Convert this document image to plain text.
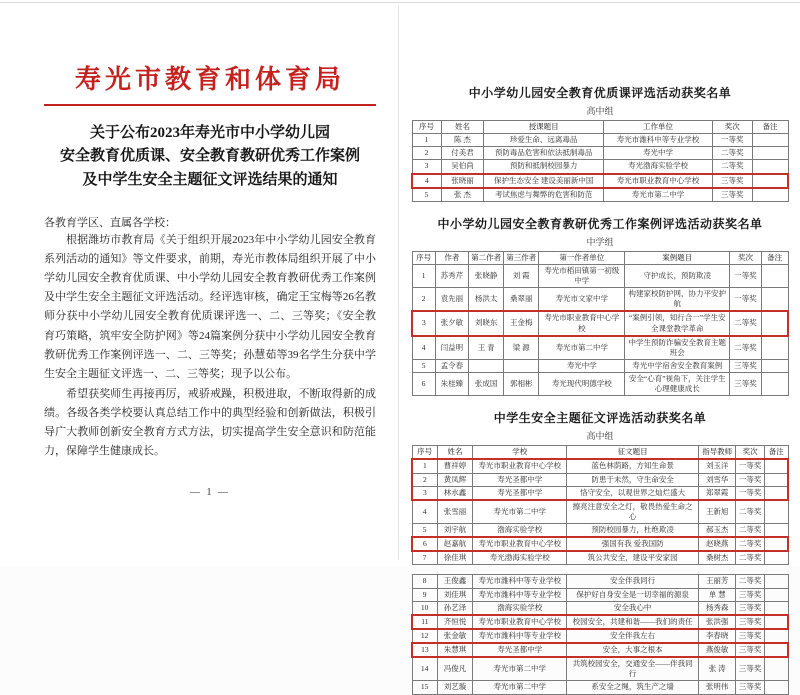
寿光市教育和体育局
关于公布2023年寿光市中小学幼儿园
安全教育优质课、安全教育教研优秀工作案例
及中学生安全主题征文评选结果的通知
各教育学区、直属各学校：

根据潍坊市教育局《关于组织开展2023年中小学幼儿园安全教育系列活动的通知》等文件要求，前期，寿光市教体局组织开展了中小学幼儿园安全教育优质课、中小学幼儿园安全教育教研优秀工作案例及中学生安全主题征文评选活动。经评选审核，确定王宝梅等26名教师分获中小学幼儿园安全教育优质课评选一、二、三等奖；《安全教育巧策略，筑牢安全防护网》等24篇案例分获中小学幼儿园安全教育教研优秀工作案例评选一、二、三等奖；孙慧茹等39名学生分获中学生安全主题征文评选一、二、三等奖；现予以公布。

希望获奖师生再接再厉，戒骄戒躁，积极进取，不断取得新的成绩。各级各类学校要认真总结工作中的典型经验和创新做法，积极引导广大教师创新安全教育方式方法，切实提高学生安全意识和防范能力，保障学生健康成长。

— 1 —
中小学幼儿园安全教育优质课评选活动获奖名单
高中组
序号	姓名	授课题目	工作单位	奖次	备注
1	陈 杰	珍爱生命、远离毒品	寿光市潍科中等专业学校	一等奖	
2	付美君	预防毒品危害和依法抵制毒品	寿光中学	二等奖	
3	吴伯尚	预防和抵制校园暴力	寿光渤海实验学校	二等奖	
4	张晓丽	保护生态安全 建设美丽新中国	寿光市职业教育中心学校	三等奖	
5	张 杰	考试焦虑与舞弊的危害和防范	寿光市第二中学	三等奖	
中小学幼儿园安全教育教研优秀工作案例评选活动获奖名单
中学组
序号	作者	第二作者	第三作者	第一作者单位	案例题目	奖次	备注
1	苏秀芹	张晓静	刘 霞	寿光市稻田镇第一初级中学	守护成长，预防欺凌	一等奖	
2	袁先丽	杨洪太	桑翠丽	寿光市文家中学	构建家校防护网，协力平安护航	一等奖	
3	张夕敏	刘晓东	王金梅	寿光市职业教育中心学校	“案例引领，知行合一”学生安全课堂教学革命	二等奖	
4	闫益明	王 青	梁 源	寿光市第二中学	中学生预防诈骗安全教育主题班会	二等奖	
5	孟令春			寿光中学	寿光中学宿舍安全教育案例	三等奖	
6	朱桂臻	张成国	郭相彬	寿光现代明德学校	安全“心育”视角下，关注学生心理健康成长	三等奖	
中学生安全主题征文评选活动获奖名单
高中组
序号	姓名	学校	征文题目	指导教师	奖次	备注
1	曹祥婷	寿光市职业教育中心学校	蓝色林荫路，方知生命景	刘玉洋	一等奖	
2	黄凤辉	寿光圣都中学	防患于未然，守生命安全	刘雪华	一等奖	
3	林水鑫	寿光圣都中学	恪守安全，以观世界之灿烂盛大	郑翠霞	一等奖	
4	张雪丽	寿光市第二中学	擦亮注意安全之灯，敬畏热爱生命之心	王新旭	二等奖	
5	刘宇航	渤海实验学校	预防校园暴力，杜绝欺凌	郝玉杰	二等奖	
6	赵嘉航	寿光市职业教育中心学校	强国有我 爱我国防	赵晓燕	二等奖	
7	徐佳琪	寿光渤海实验学校	筑公共安全，建设平安家园	桑树杰	二等奖	
8	王俊鑫	寿光市潍科中等专业学校	安全伴我同行	王丽芳	二等奖	
9	刘佳琪	寿光市潍科中等专业学校	保护好自身安全是一切幸福的源泉	单 慧	三等奖	
10	孙艺泽	渤海实验学校	安全我心中	杨秀森	三等奖	
11	齐恒悦	寿光市职业教育中心学校	校园安全，共建和谐——我们的责任	张洪强	三等奖	
12	张金敏	寿光市潍科中等专业学校	安全伴我左右	李春晓	三等奖	
13	朱慧琪	寿光圣都中学	安全，大事之根本	燕俊敏	三等奖	
14	冯俊凡	寿光市第二中学	共筑校园安全，交通安全——伴我同行	张 涛	三等奖	
15	刘艺璇	寿光市第二中学	系安全之绳，筑生产之墙	张明伟	三等奖	
